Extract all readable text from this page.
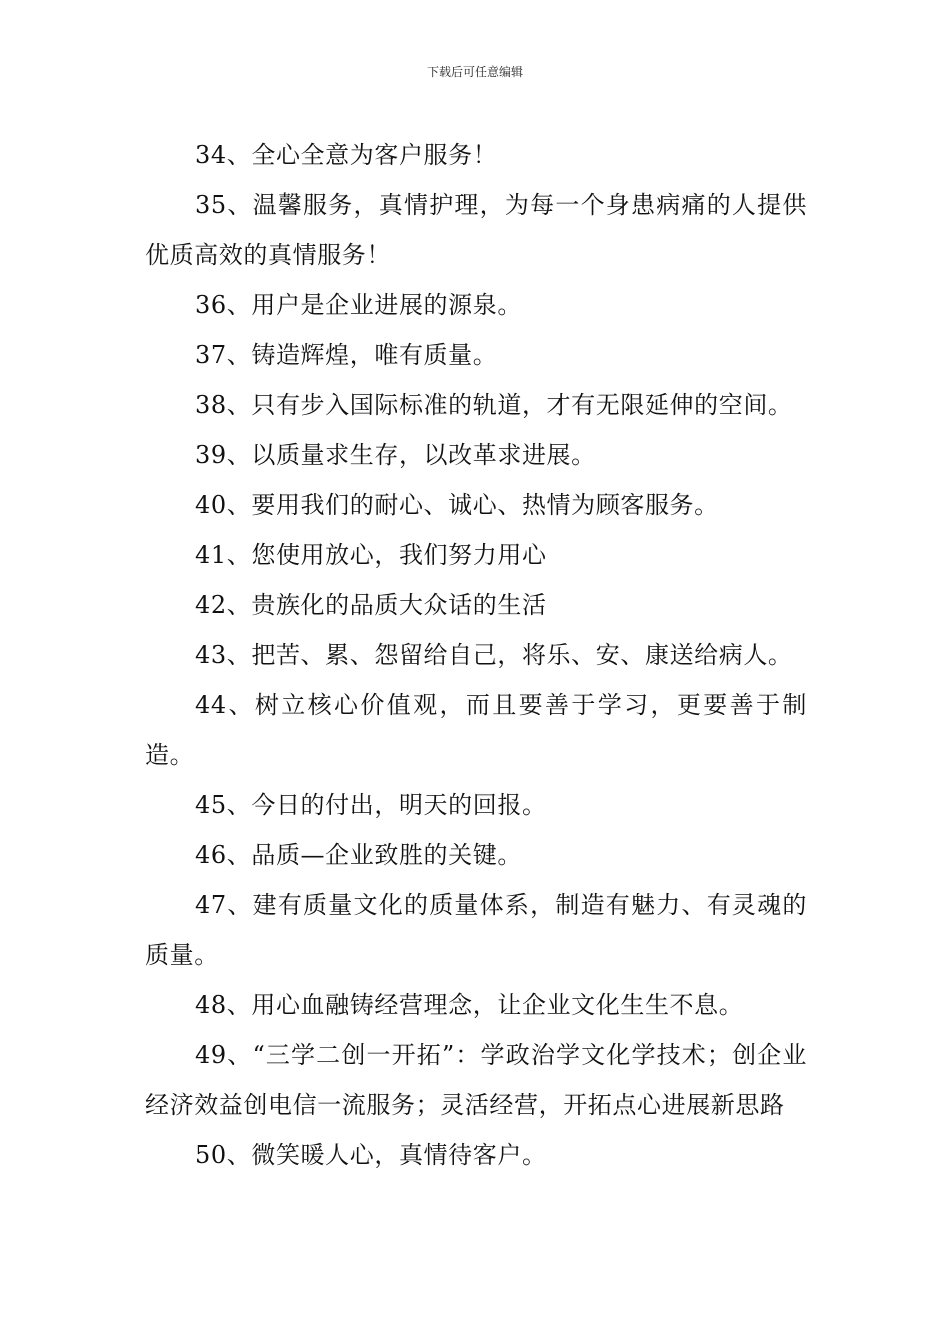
下载后可任意编辑

34、全心全意为客户服务！

35、温馨服务，真情护理，为每一个身患病痛的人提供优质高效的真情服务！

36、用户是企业进展的源泉。

37、铸造辉煌，唯有质量。

38、只有步入国际标准的轨道，才有无限延伸的空间。

39、以质量求生存，以改革求进展。

40、要用我们的耐心、诚心、热情为顾客服务。

41、您使用放心，我们努力用心

42、贵族化的品质大众话的生活

43、把苦、累、怨留给自己，将乐、安、康送给病人。

44、树立核心价值观，而且要善于学习，更要善于制造。

45、今日的付出，明天的回报。

46、品质—企业致胜的关键。

47、建有质量文化的质量体系，制造有魅力、有灵魂的质量。

48、用心血融铸经营理念，让企业文化生生不息。

49、“三学二创一开拓”：学政治学文化学技术；创企业经济效益创电信一流服务；灵活经营，开拓点心进展新思路

50、微笑暖人心，真情待客户。
